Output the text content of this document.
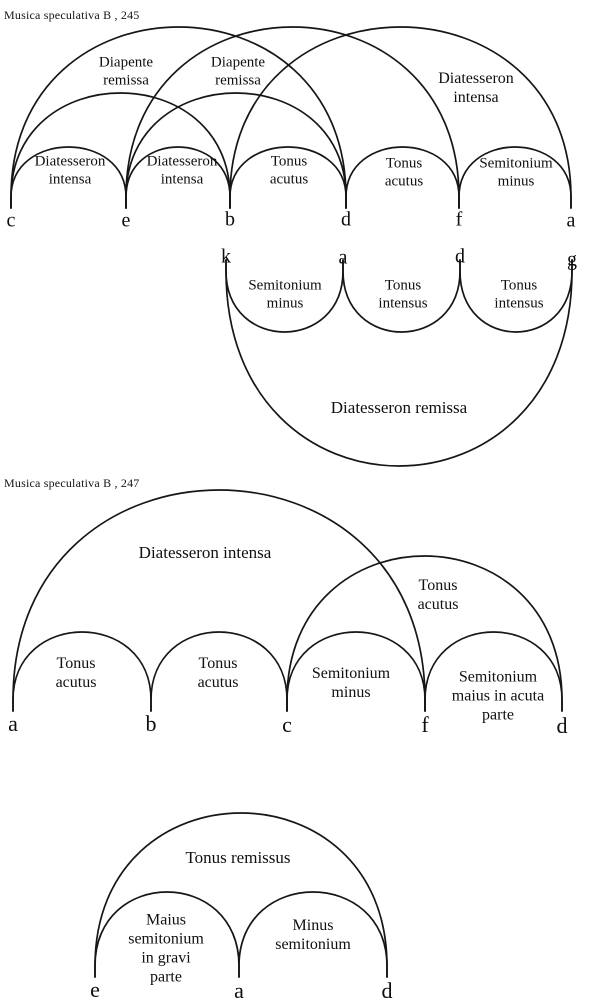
Musica speculativa B , 245
Musica speculativa B , 247
Diatesseron
intensa
Diatesseron
intensa
Tonus
acutus
Tonus
acutus
Semitonium
minus
Diapente
remissa
Diapente
remissa	Diatesseron
intensa
c	e	b	d	f	a
Semitonium
minus
Tonus
intensus
Tonus
intensus
Diatesseron remissa
k	a	d	g
Tonus
acutus
Tonus
acutus
Semitonium
minus
Semitonium
maius in acuta
parte
Tonus
acutus
Diatesseron intensa
a	b	c	f	d
Maius
semitonium
in gravi
parte
Minus
semitonium
Tonus remissus
e	a	d
